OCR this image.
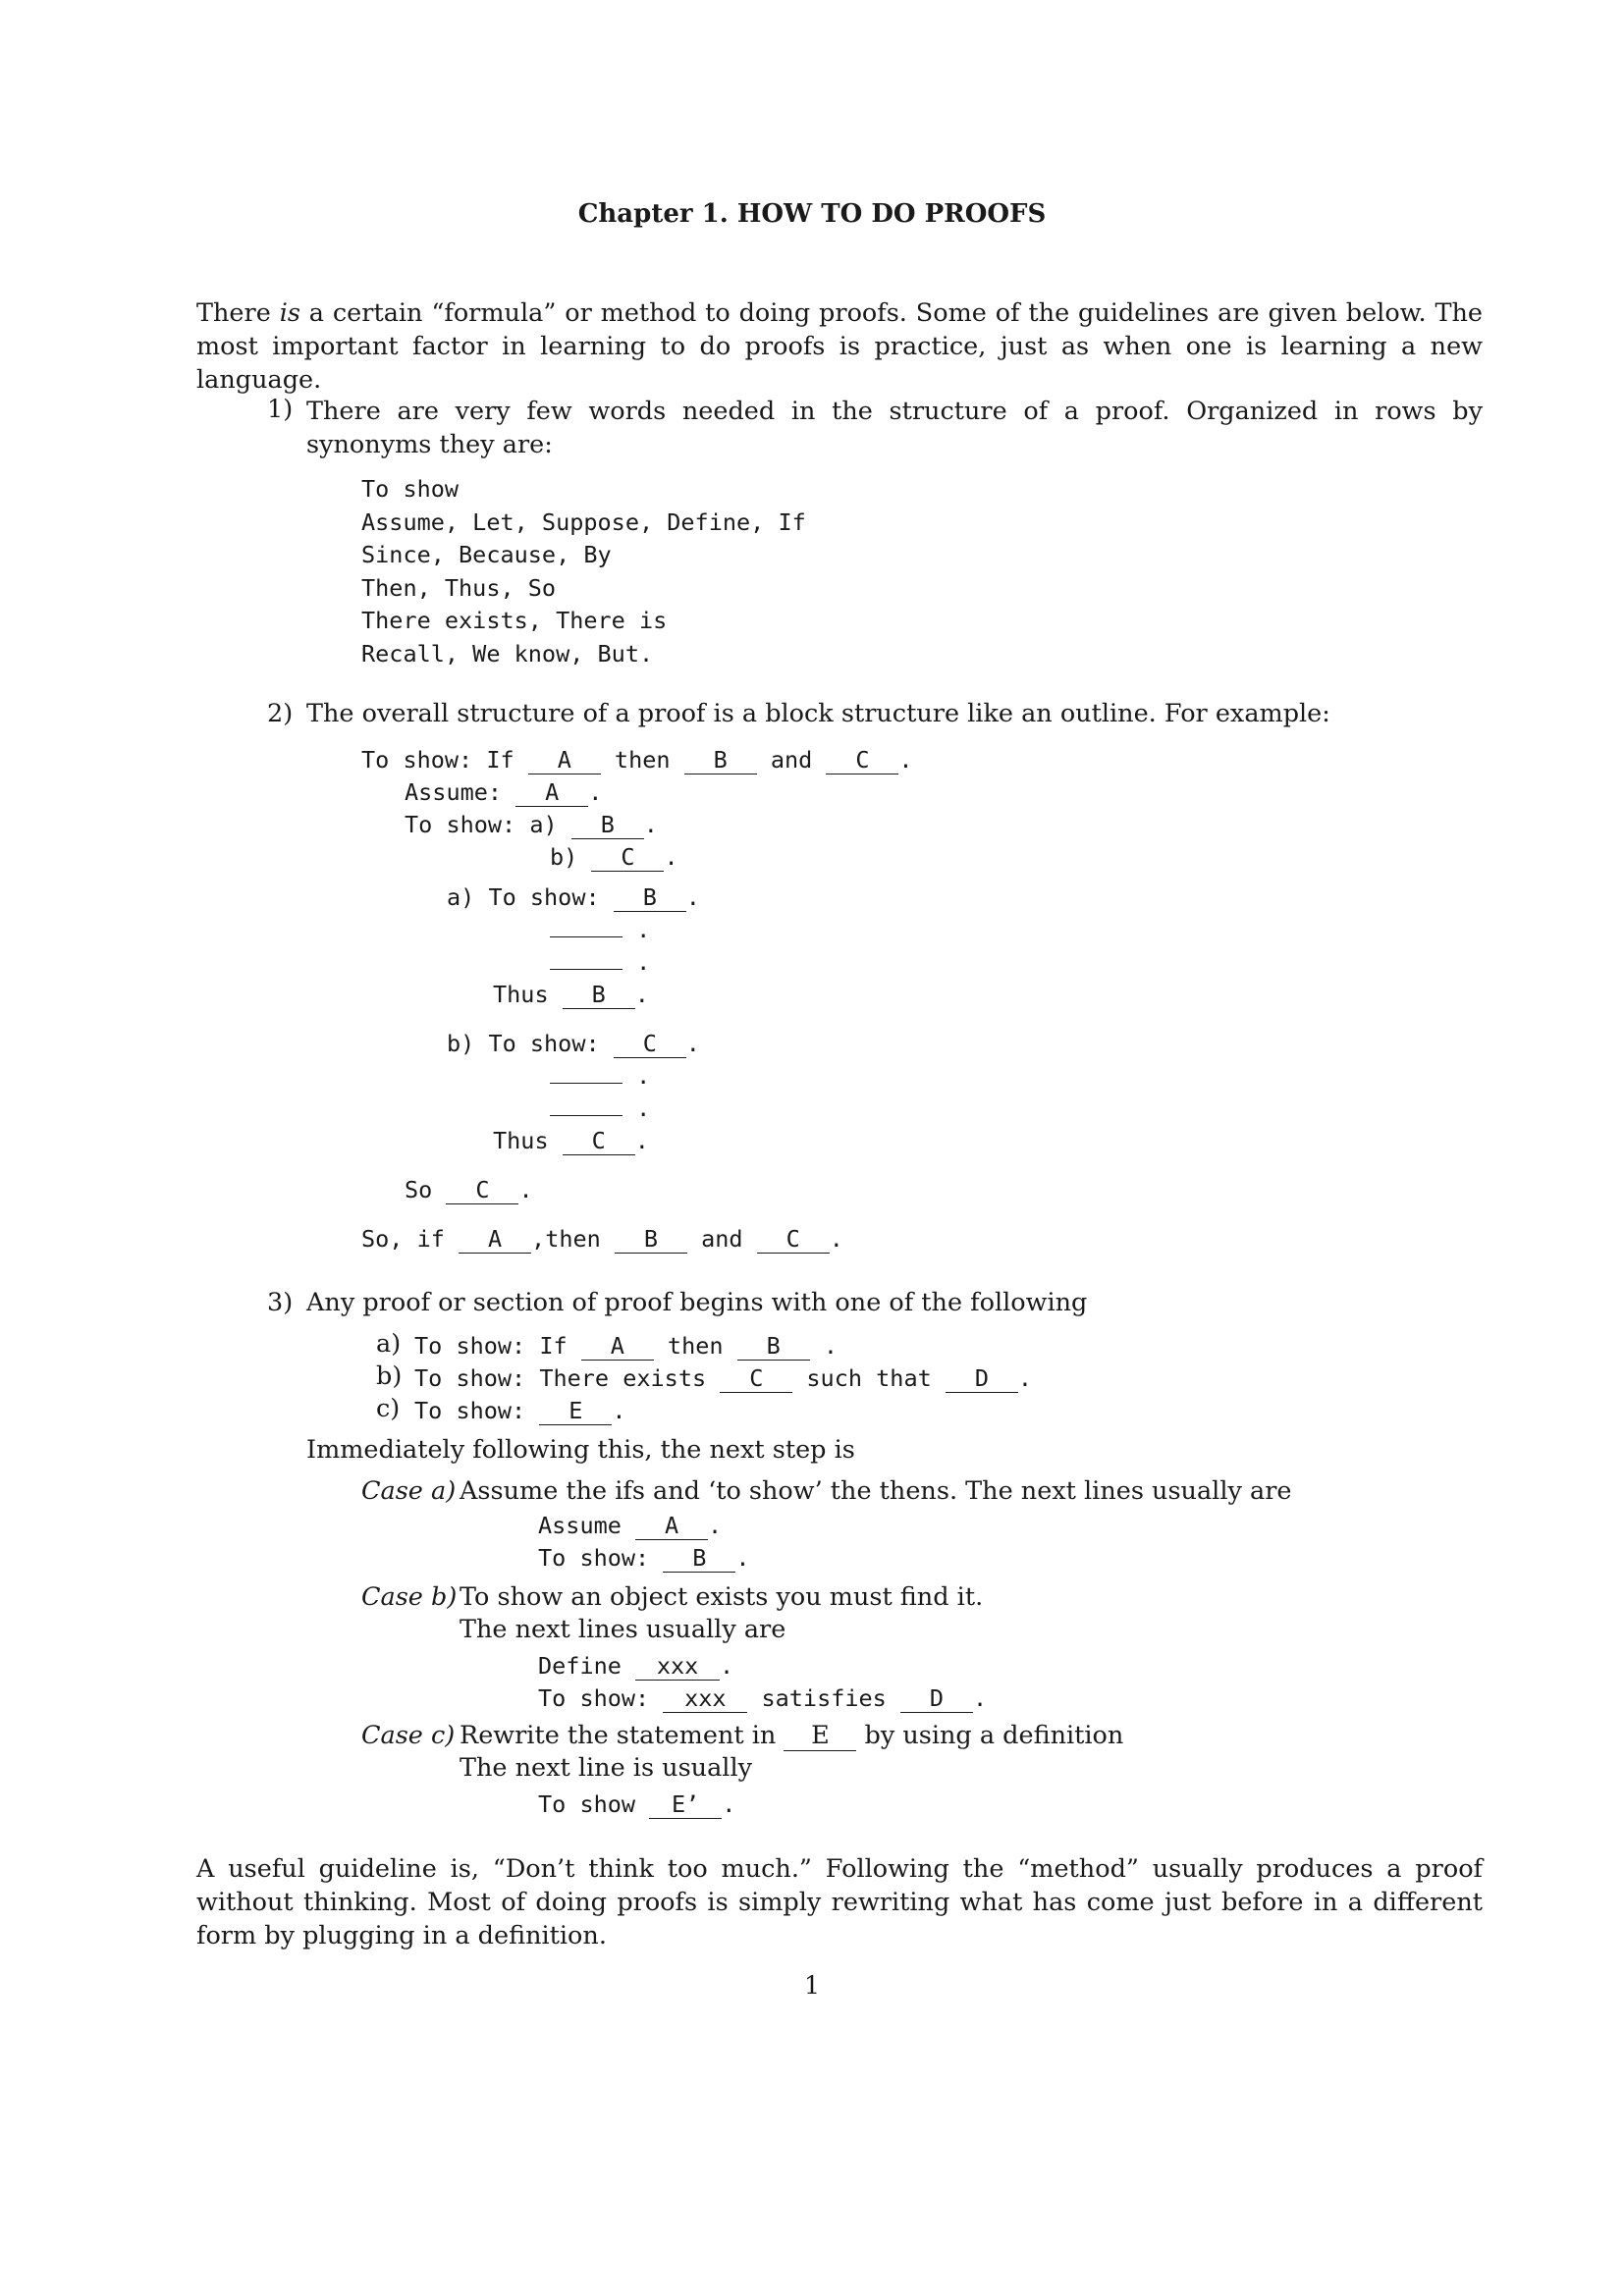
Chapter 1. HOW TO DO PROOFS
There is a certain “formula” or method to doing proofs. Some of the guidelines are given below. The most important factor in learning to do proofs is practice, just as when one is learning a new language.
1) There are very few words needed in the structure of a proof. Organized in rows by synonyms they are:
To show
Assume, Let, Suppose, Define, If
Since, Because, By
Then, Thus, So
There exists, There is
Recall, We know, But.
2) The overall structure of a proof is a block structure like an outline. For example:
To show: If A then B and C .
Assume: A .
To show: a) B .
b) C .
a) To show: B .
.
.
Thus B .
b) To show: C .
.
.
Thus C .
So C .
So, if A ,then B and C .
3) Any proof or section of proof begins with one of the following
a) To show: If A then B .
b) To show: There exists C such that D .
c) To show: E .
Immediately following this, the next step is
Case a) Assume the ifs and ‘to show’ the thens. The next lines usually are
Assume A .
To show: B .
Case b) To show an object exists you must find it.
The next lines usually are
Define xxx .
To show: xxx satisfies D .
Case c) Rewrite the statement in E by using a definition
The next line is usually
To show E’ .
A useful guideline is, “Don’t think too much.” Following the “method” usually produces a proof without thinking. Most of doing proofs is simply rewriting what has come just before in a different form by plugging in a definition.
1
